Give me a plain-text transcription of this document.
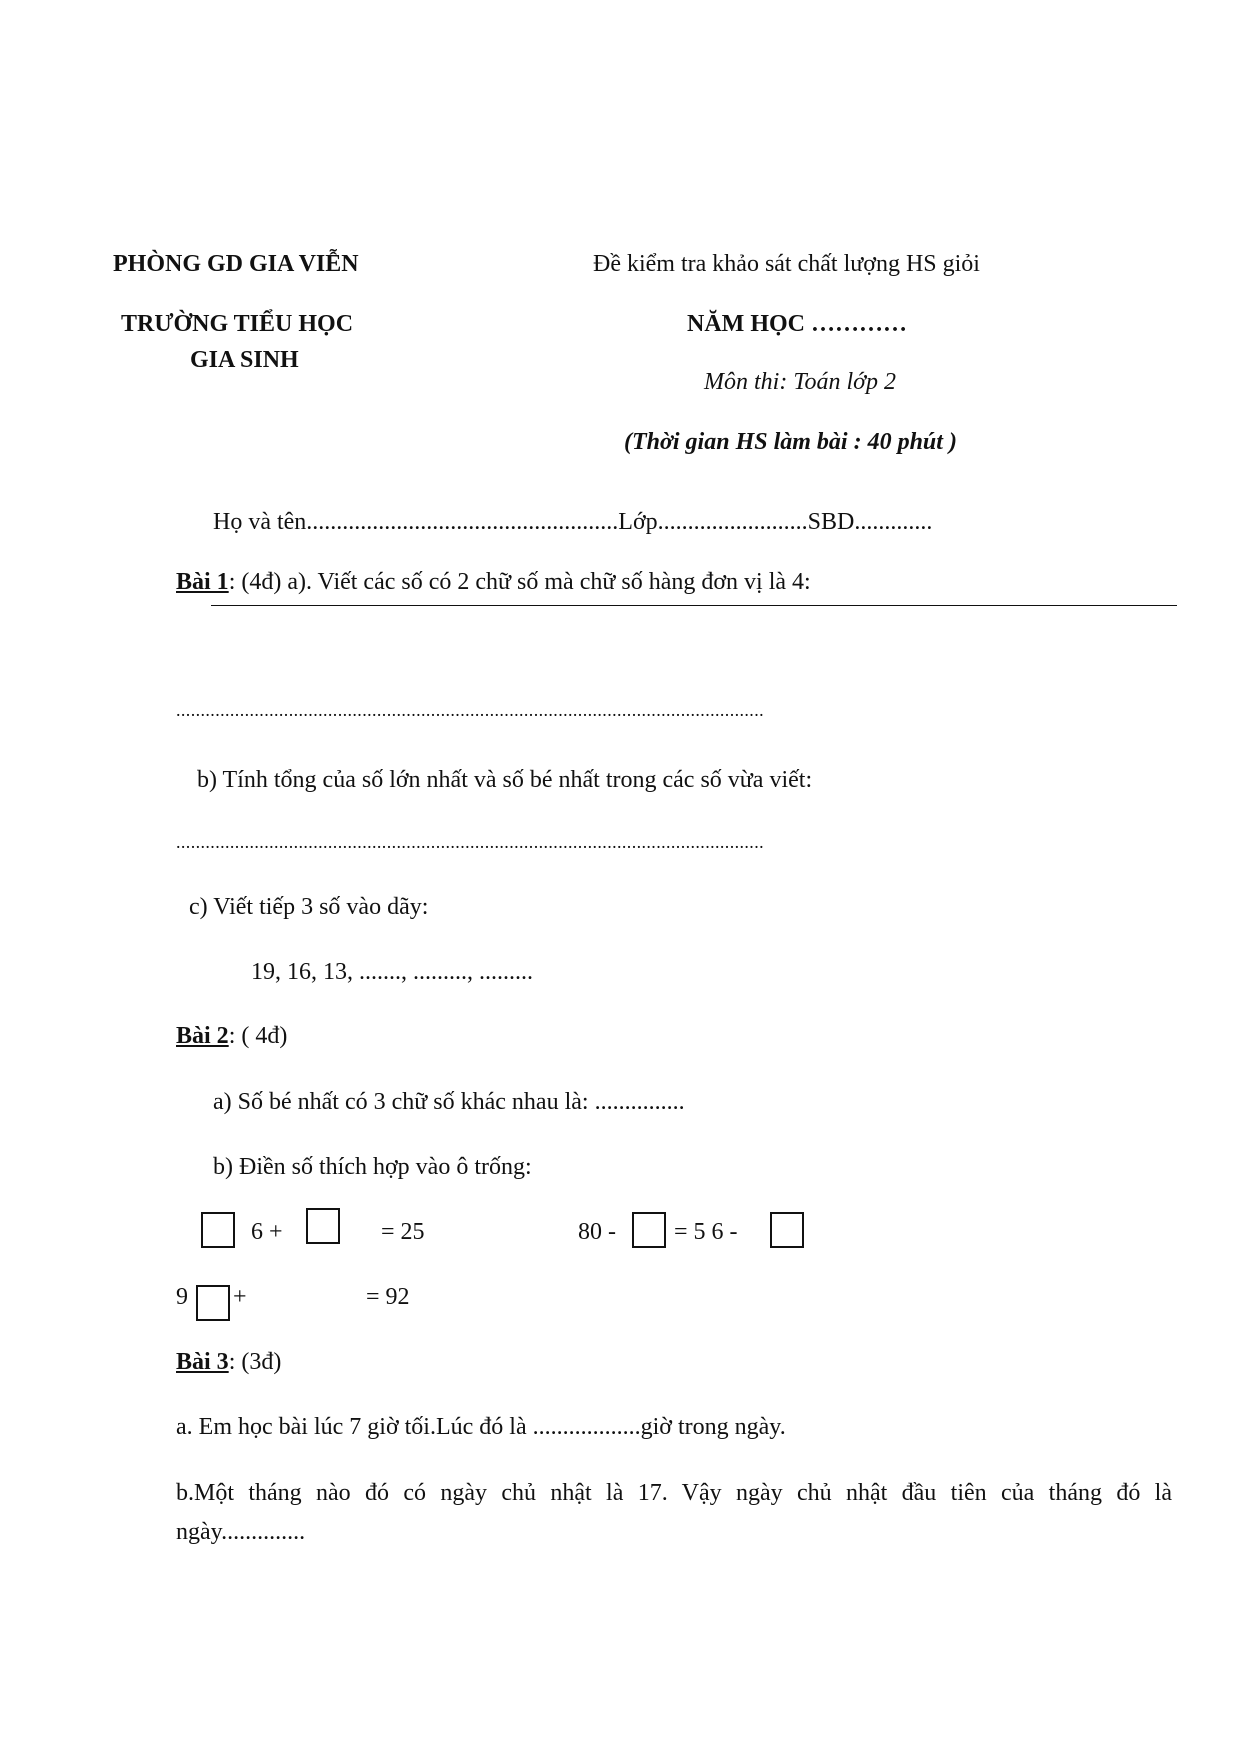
PHÒNG GD GIA VIỄN
TRƯỜNG TIỂU HỌC
GIA SINH
Đề kiểm tra khảo sát chất lượng HS giỏi
NĂM HỌC …………
Môn thi: Toán lớp 2
(Thời gian HS làm bài : 40 phút )
Họ và tên....................................................Lớp.........................SBD.............
Bài 1: (4đ) a). Viết các số có 2 chữ số mà chữ số hàng đơn vị là 4:
........................................................................................................................
b) Tính tổng của số lớn nhất và số bé nhất trong các số vừa viết:
........................................................................................................................
c) Viết tiếp 3 số vào dãy:
19, 16, 13, ......., ........., .........
Bài 2: ( 4đ)
a) Số bé nhất có 3 chữ số khác nhau là: ...............
b) Điền số thích hợp vào ô trống:
6 +	= 25	80 - = 5 6 -
9 +	= 92
Bài 3: (3đ)
a. Em học bài lúc 7 giờ tối.Lúc đó là ..................giờ trong ngày.
b.Một tháng nào đó có ngày chủ nhật là 17. Vậy ngày chủ nhật đầu tiên của tháng đó là
ngày..............
